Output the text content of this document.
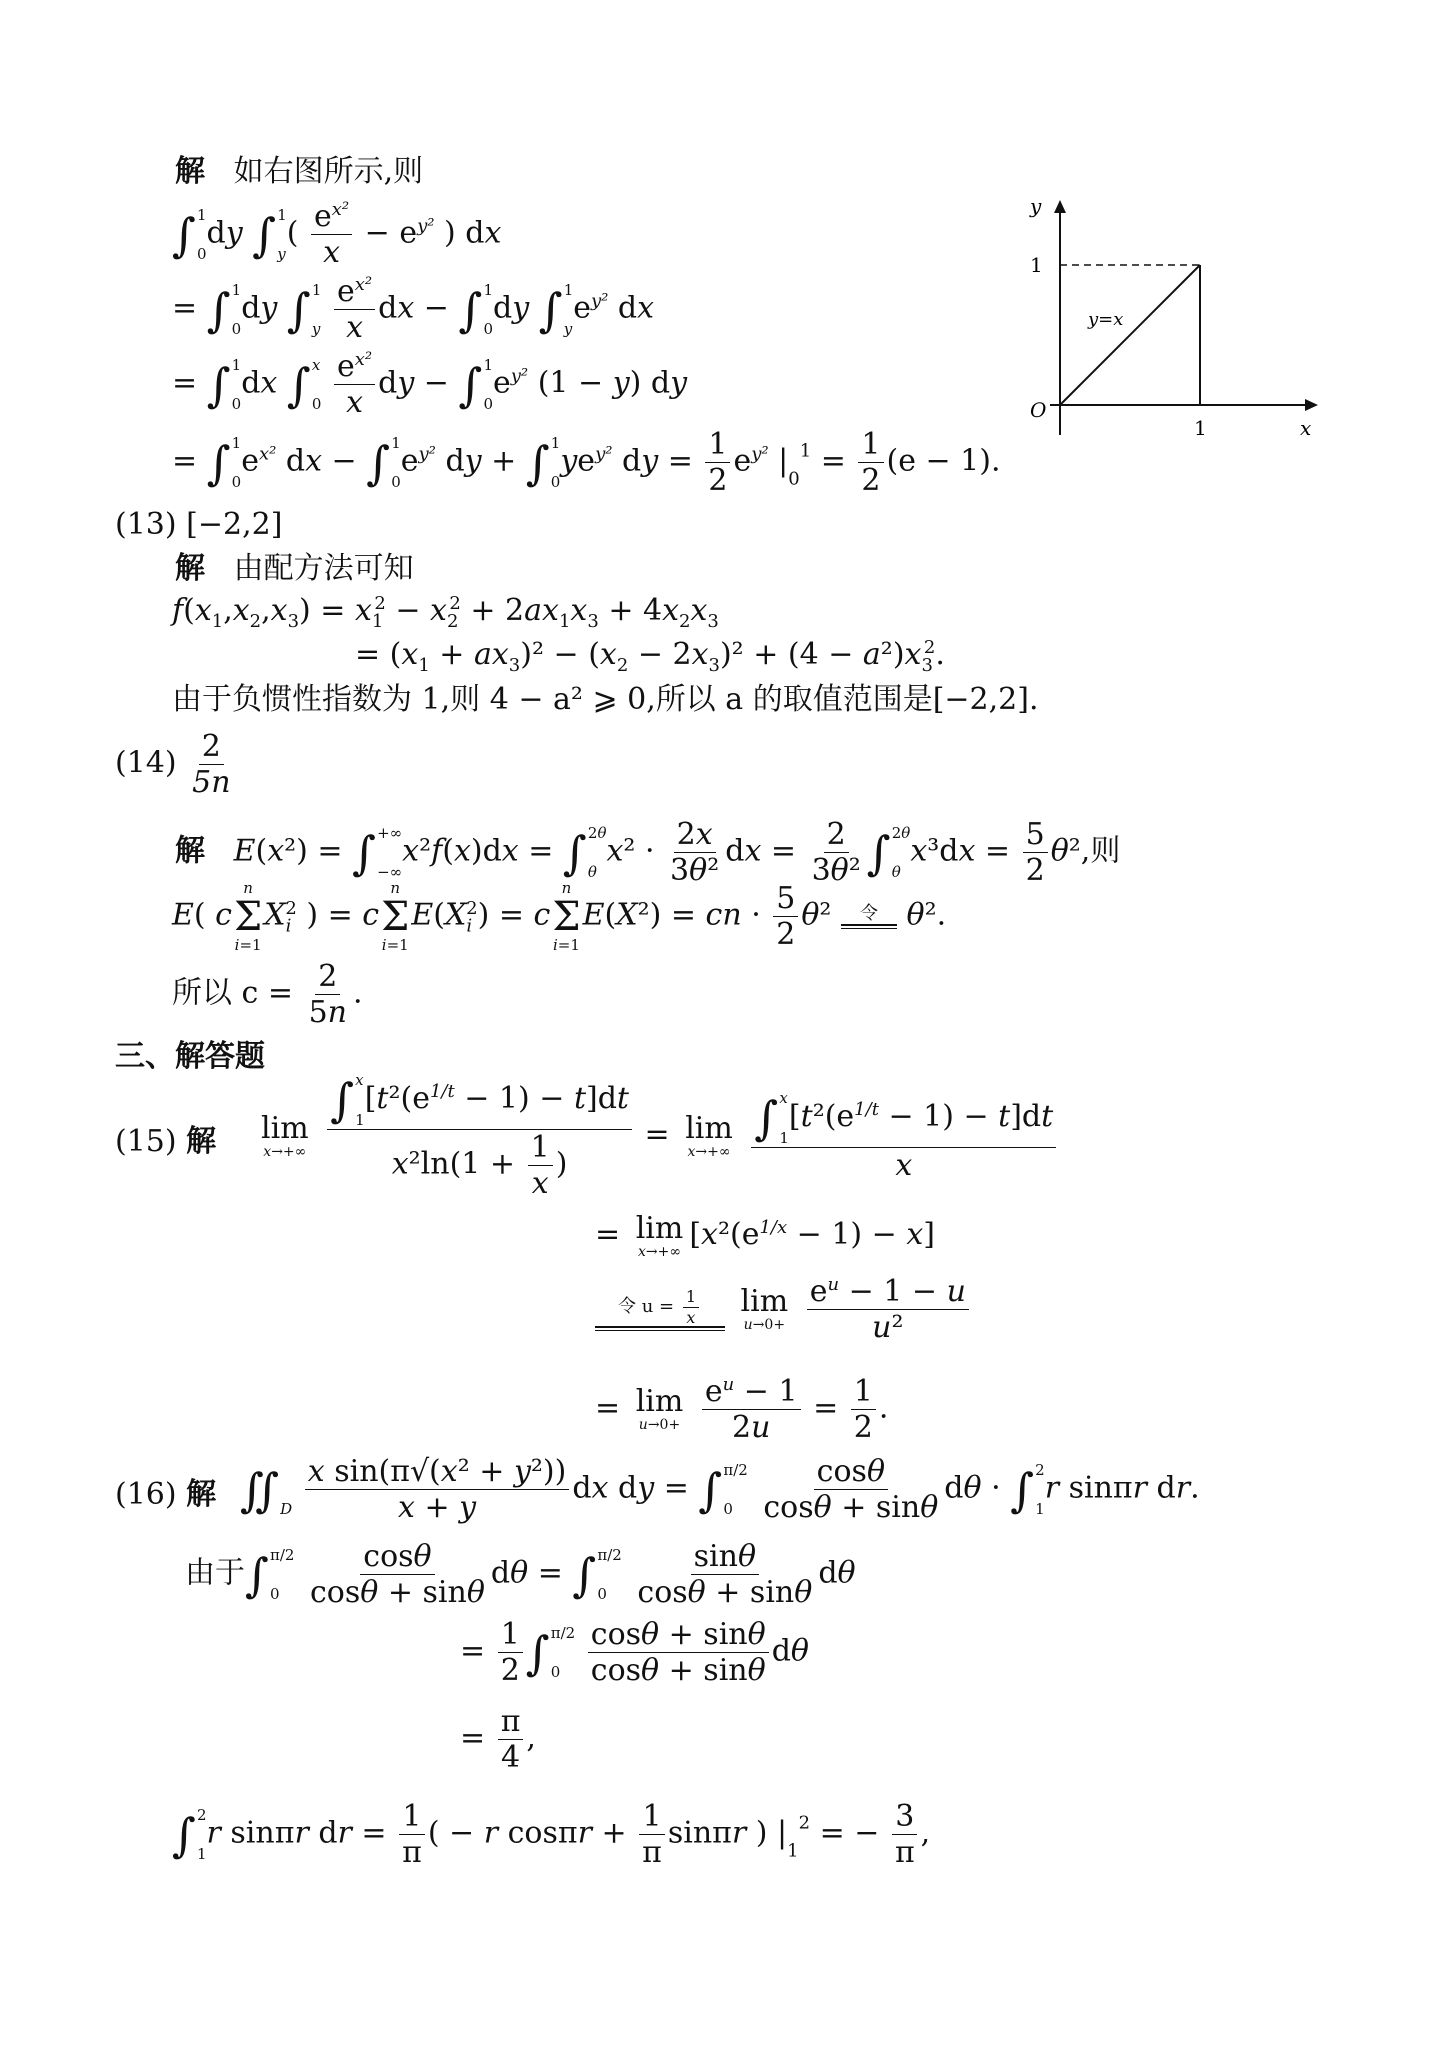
解 如右图所示,则
∫ 1
0
dy ∫ 1
y
( $\frac{e^{x^2}}{x} - e^{y^2}$ ) dx
= ∫ 1
0
dy ∫ 1
y
$\frac{e^{x^2}}{x}$ dx − ∫ 1
0
dy ∫ 1
y
$e^{y^2}$ dx
= ∫ 1
0
dx ∫ x
0
$\frac{e^{x^2}}{x}$ dy − ∫ 1
0
$e^{y^2}$ (1 − y) dy
= ∫ 1
0
$e^{x^2}$ dx − ∫ 1
0
$e^{y^2}$ dy + ∫ 1
0
$ye^{y^2}$ dy = $\frac{1}{2} e^{y^2}$ $|_0^1 = \frac{1}{2} (e - 1)$.
y
x
O
1
1
y=x
(13) [−2,2]
解 由配方法可知
$f(x_1,x_2,x_3) = x_1^2 - x_2^2 + 2ax_1x_3 + 4x_2x_3$
= $(x_1 + ax_3)^2 - (x_2 - 2x_3)^2 + (4 - a^2)x_3^2$.
由于负惯性指数为 1,则 4 − a² ⩾ 0,所以 a 的取值范围是[−2,2].
$(14) \frac{2}{5n}$
解 E(x²) = ∫ +∞
−∞
x²f(x)dx = ∫ 2θ
θ
$x^2 \cdot \frac{2x}{\text{3θ²}}$ dx = $\frac{2}{\text{3θ²}}$ ∫ 2θ
θ
$x^3dx = \frac{5}{2} \theta^2$,则
E( c
n
Σ
i=1
$X_i^2$ ) = c
n
Σ
i=1
$E(X_i^2) = c$
n
Σ
i=1
E(X²) = cn · $\frac{5}{2} \theta^2$ 令 θ².
所以 $c = \frac{2}{5n}$ .
三、解答题
(15) 解 lim
x→+∞
∫ x
1
$[t^2(e^{1/t} - 1) - t]dt$
$x^2\ln(1 + \frac{1}{x}$ ) = lim
x→+∞
∫ x
1
$[t^2(e^{1/t} - 1) - t]dt$
x
= lim
x→+∞ $[x^2(e^{1/x} - 1) - x]$
令 $u = \frac{1}{x}$
lim
u→0+
$\frac{e^u - 1 - u}{\text{u²}}$
= lim
u→0+
$\frac{e^u - 1}{2u} = \frac{1}{2}$ .
(16) 解 ∬ D
$\frac{\text{x sin(π√(x² + y²))}}{x + y}$ dx dy = ∫ π/2
0
$\frac{\cos\theta}{\cos\theta + \sin\theta}$ dθ · ∫ 2
1
r sinπr dr.
由于 ∫ π/2
0
$\frac{\cos\theta}{\cos\theta + \sin\theta}$ dθ = ∫ π/2
0
$\frac{\sin\theta}{\cos\theta + \sin\theta}$ dθ
= $\frac{1}{2}$ ∫ π/2
0
$\frac{\cos\theta + \sin\theta}{\cos\theta + \sin\theta}$ dθ
= $\frac{\pi}{4}$ ,
∫ 2
1
r sinπr dr = $\frac{1}{\pi}$ ( − r $\cos\pi r + \frac{1}{\pi}$ sinπr ) $|_1^2$ = − $\frac{3}{\pi}$ ,
